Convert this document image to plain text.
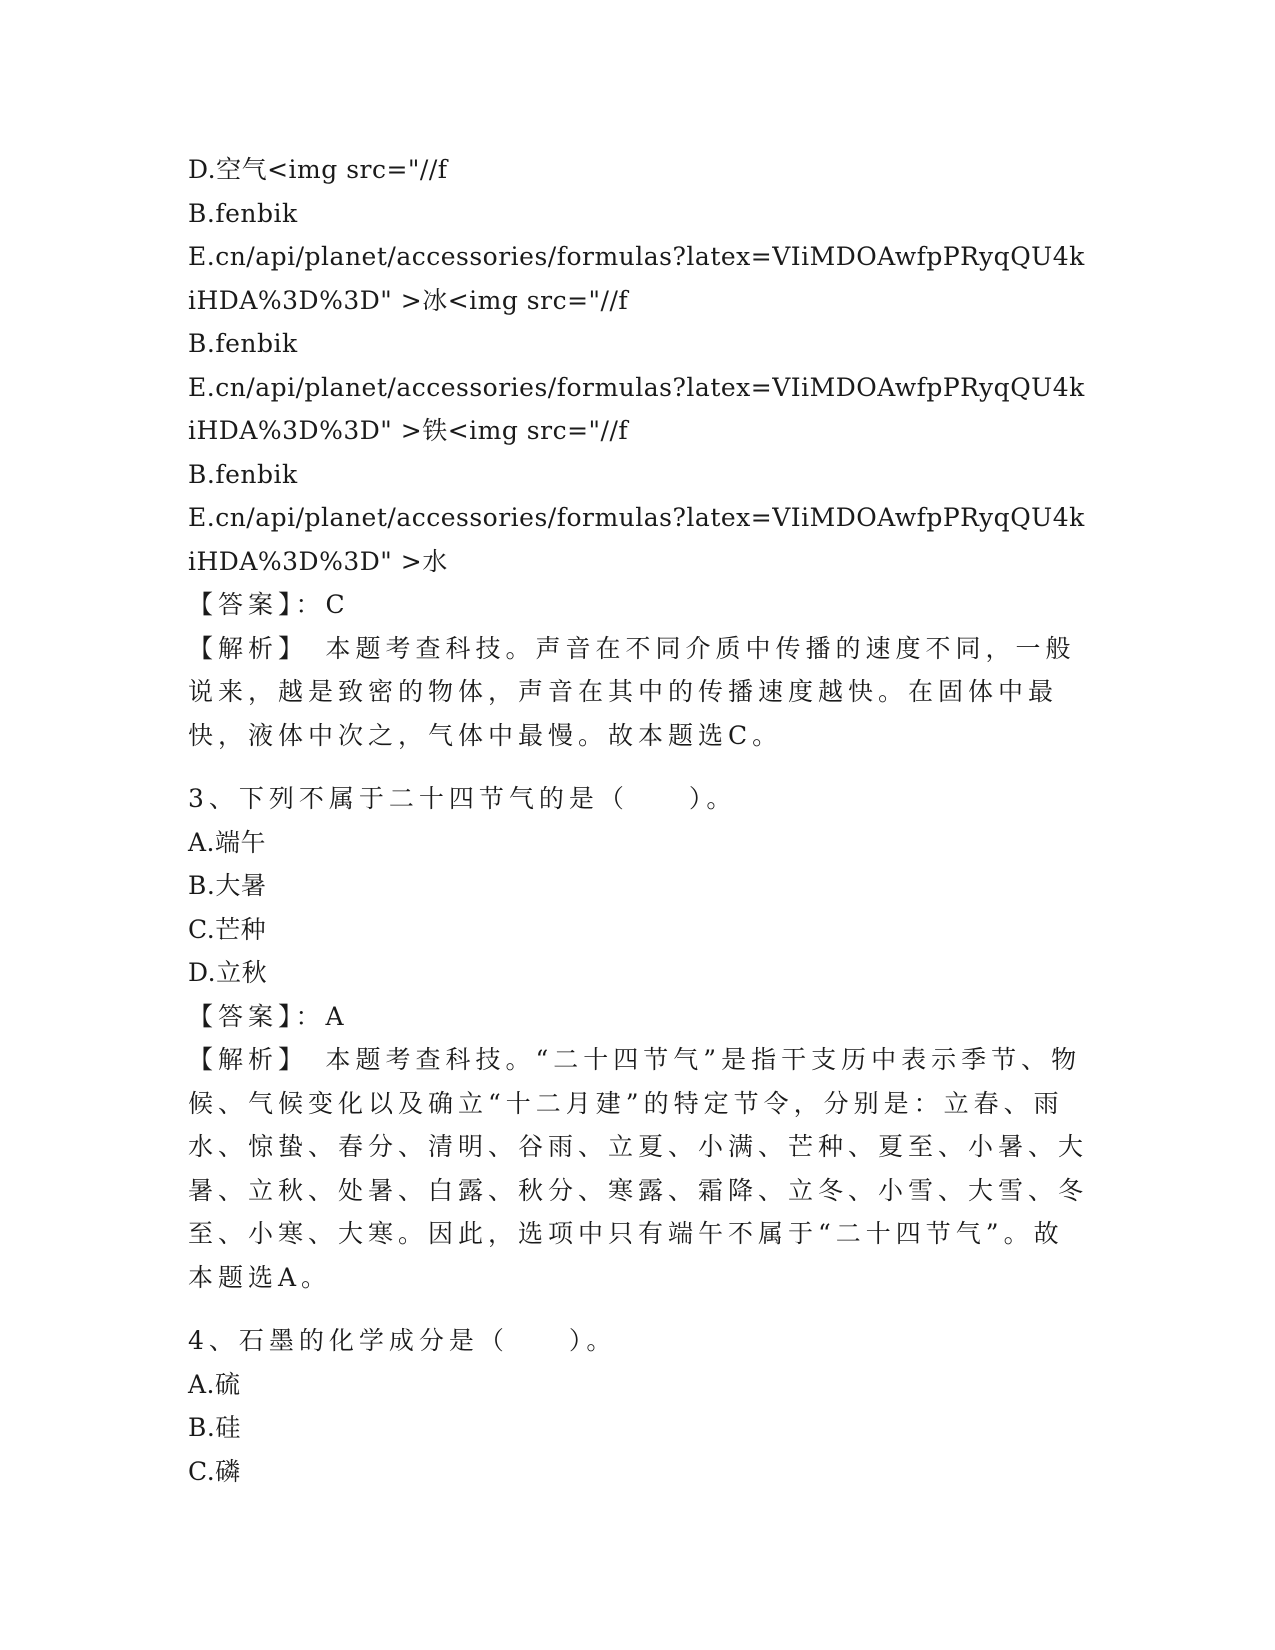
D.空气<img src="//f
B.fenbik
E.cn/api/planet/accessories/formulas?latex=VIiMDOAwfpPRyqQU4k
iHDA%3D%3D" >冰<img src="//f
B.fenbik
E.cn/api/planet/accessories/formulas?latex=VIiMDOAwfpPRyqQU4k
iHDA%3D%3D" >铁<img src="//f
B.fenbik
E.cn/api/planet/accessories/formulas?latex=VIiMDOAwfpPRyqQU4k
iHDA%3D%3D" >水
【答案】：C
【解析】　本题考查科技。声音在不同介质中传播的速度不同，一般说来，越是致密的物体，声音在其中的传播速度越快。在固体中最快，液体中次之，气体中最慢。故本题选C。
3、下列不属于二十四节气的是（　　）。
A.端午
B.大暑
C.芒种
D.立秋
【答案】：A
【解析】　本题考查科技。“二十四节气”是指干支历中表示季节、物候、气候变化以及确立“十二月建”的特定节令，分别是：立春、雨水、惊蛰、春分、清明、谷雨、立夏、小满、芒种、夏至、小暑、大暑、立秋、处暑、白露、秋分、寒露、霜降、立冬、小雪、大雪、冬至、小寒、大寒。因此，选项中只有端午不属于“二十四节气”。故本题选A。
4、石墨的化学成分是（　　）。
A.硫
B.硅
C.磷
